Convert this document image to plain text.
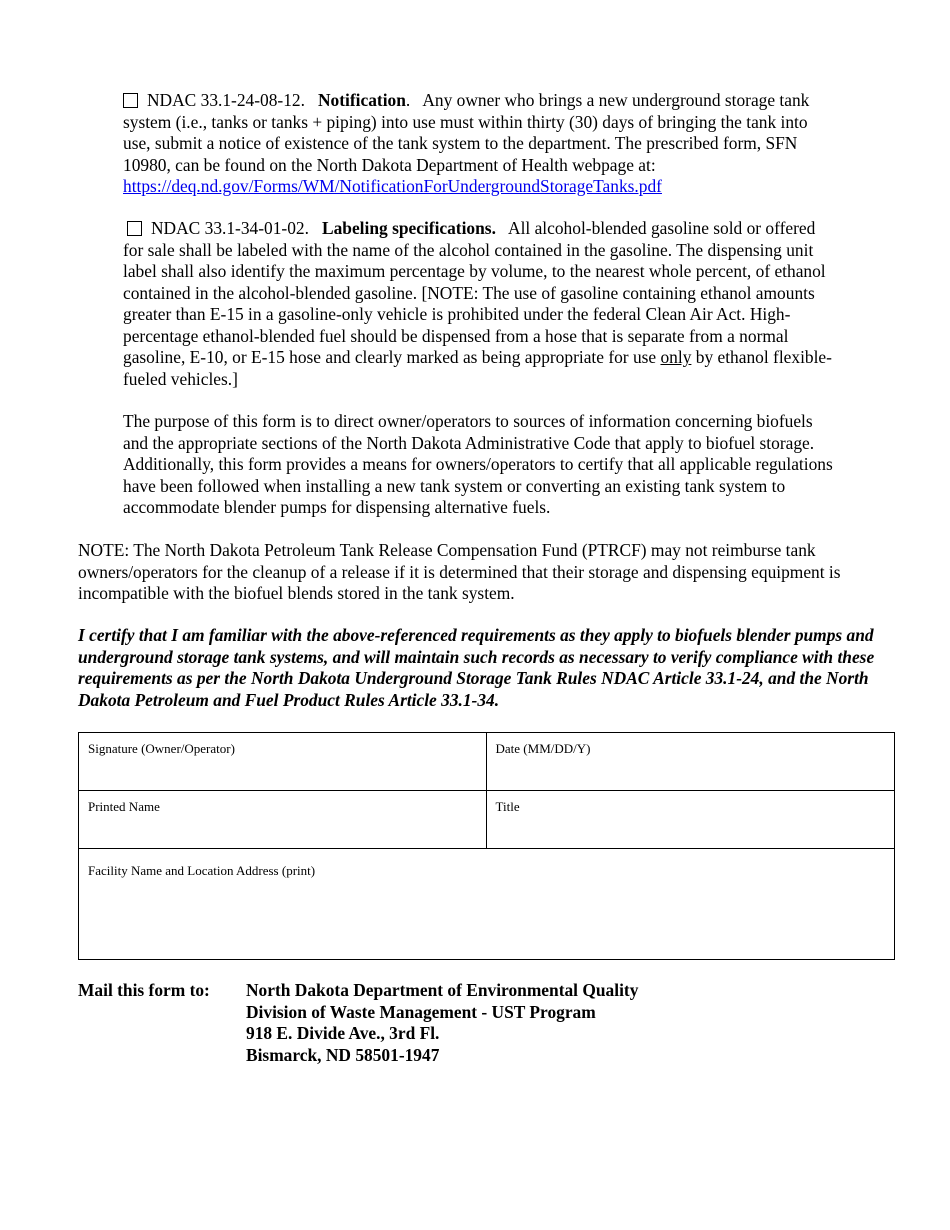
NDAC 33.1-24-08-12. Notification. Any owner who brings a new underground storage tank system (i.e., tanks or tanks + piping) into use must within thirty (30) days of bringing the tank into use, submit a notice of existence of the tank system to the department. The prescribed form, SFN 10980, can be found on the North Dakota Department of Health webpage at: https://deq.nd.gov/Forms/WM/NotificationForUndergroundStorageTanks.pdf
NDAC 33.1-34-01-02. Labeling specifications. All alcohol-blended gasoline sold or offered for sale shall be labeled with the name of the alcohol contained in the gasoline. The dispensing unit label shall also identify the maximum percentage by volume, to the nearest whole percent, of ethanol contained in the alcohol-blended gasoline. [NOTE: The use of gasoline containing ethanol amounts greater than E-15 in a gasoline-only vehicle is prohibited under the federal Clean Air Act. High-percentage ethanol-blended fuel should be dispensed from a hose that is separate from a normal gasoline, E-10, or E-15 hose and clearly marked as being appropriate for use only by ethanol flexible-fueled vehicles.]
The purpose of this form is to direct owner/operators to sources of information concerning biofuels and the appropriate sections of the North Dakota Administrative Code that apply to biofuel storage. Additionally, this form provides a means for owners/operators to certify that all applicable regulations have been followed when installing a new tank system or converting an existing tank system to accommodate blender pumps for dispensing alternative fuels.
NOTE: The North Dakota Petroleum Tank Release Compensation Fund (PTRCF) may not reimburse tank owners/operators for the cleanup of a release if it is determined that their storage and dispensing equipment is incompatible with the biofuel blends stored in the tank system.
I certify that I am familiar with the above-referenced requirements as they apply to biofuels blender pumps and underground storage tank systems, and will maintain such records as necessary to verify compliance with these requirements as per the North Dakota Underground Storage Tank Rules NDAC Article 33.1-24, and the North Dakota Petroleum and Fuel Product Rules Article 33.1-34.
Signature (Owner/Operator)	Date (MM/DD/Y)

Printed Name	Title

Facility Name and Location Address (print)	
Mail this form to: North Dakota Department of Environmental Quality
Division of Waste Management - UST Program
918 E. Divide Ave., 3rd Fl.
Bismarck, ND 58501-1947
